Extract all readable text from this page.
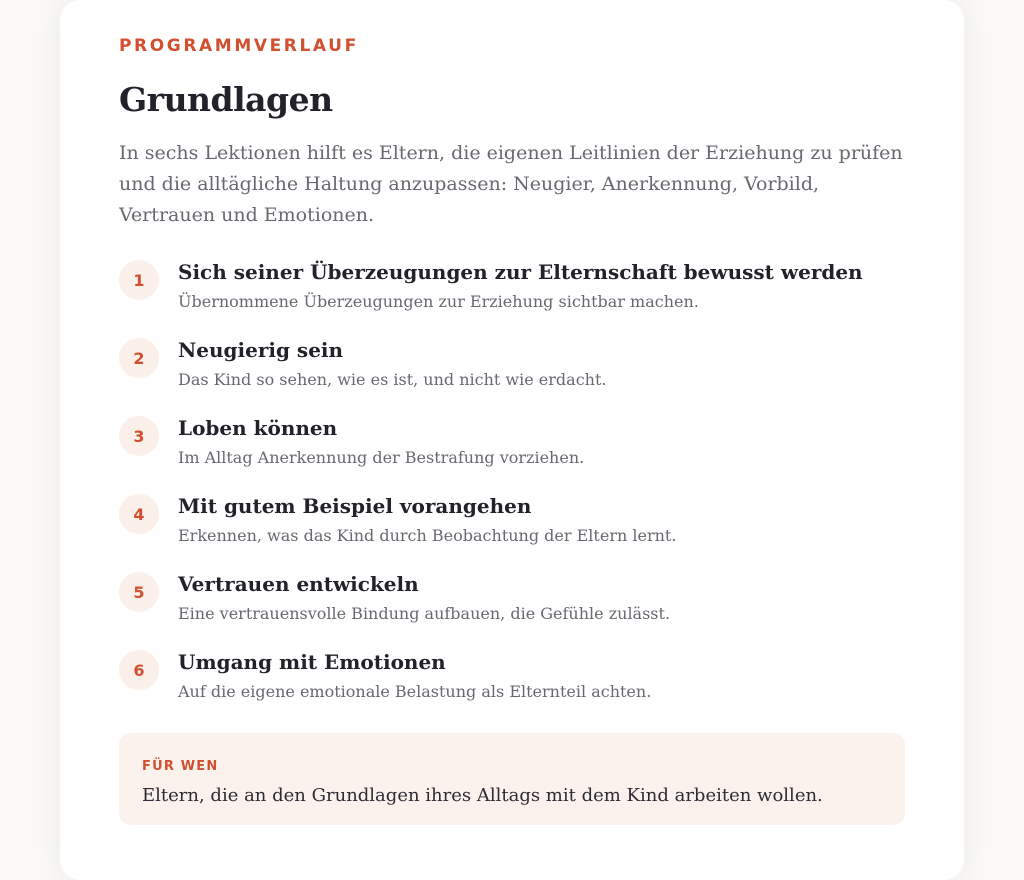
PROGRAMMVERLAUF
Grundlagen

In sechs Lektionen hilft es Eltern, die eigenen Leitlinien der Erziehung zu prüfen und die alltägliche Haltung anzupassen: Neugier, Anerkennung, Vorbild, Vertrauen und Emotionen.

1	Sich seiner Überzeugungen zur Elternschaft bewusst werden
Übernommene Überzeugungen zur Erziehung sichtbar machen.
2	Neugierig sein
Das Kind so sehen, wie es ist, und nicht wie erdacht.
3	Loben können
Im Alltag Anerkennung der Bestrafung vorziehen.
4	Mit gutem Beispiel vorangehen
Erkennen, was das Kind durch Beobachtung der Eltern lernt.
5	Vertrauen entwickeln
Eine vertrauensvolle Bindung aufbauen, die Gefühle zulässt.
6	Umgang mit Emotionen
Auf die eigene emotionale Belastung als Elternteil achten.
FÜR WEN
Eltern, die an den Grundlagen ihres Alltags mit dem Kind arbeiten wollen.
